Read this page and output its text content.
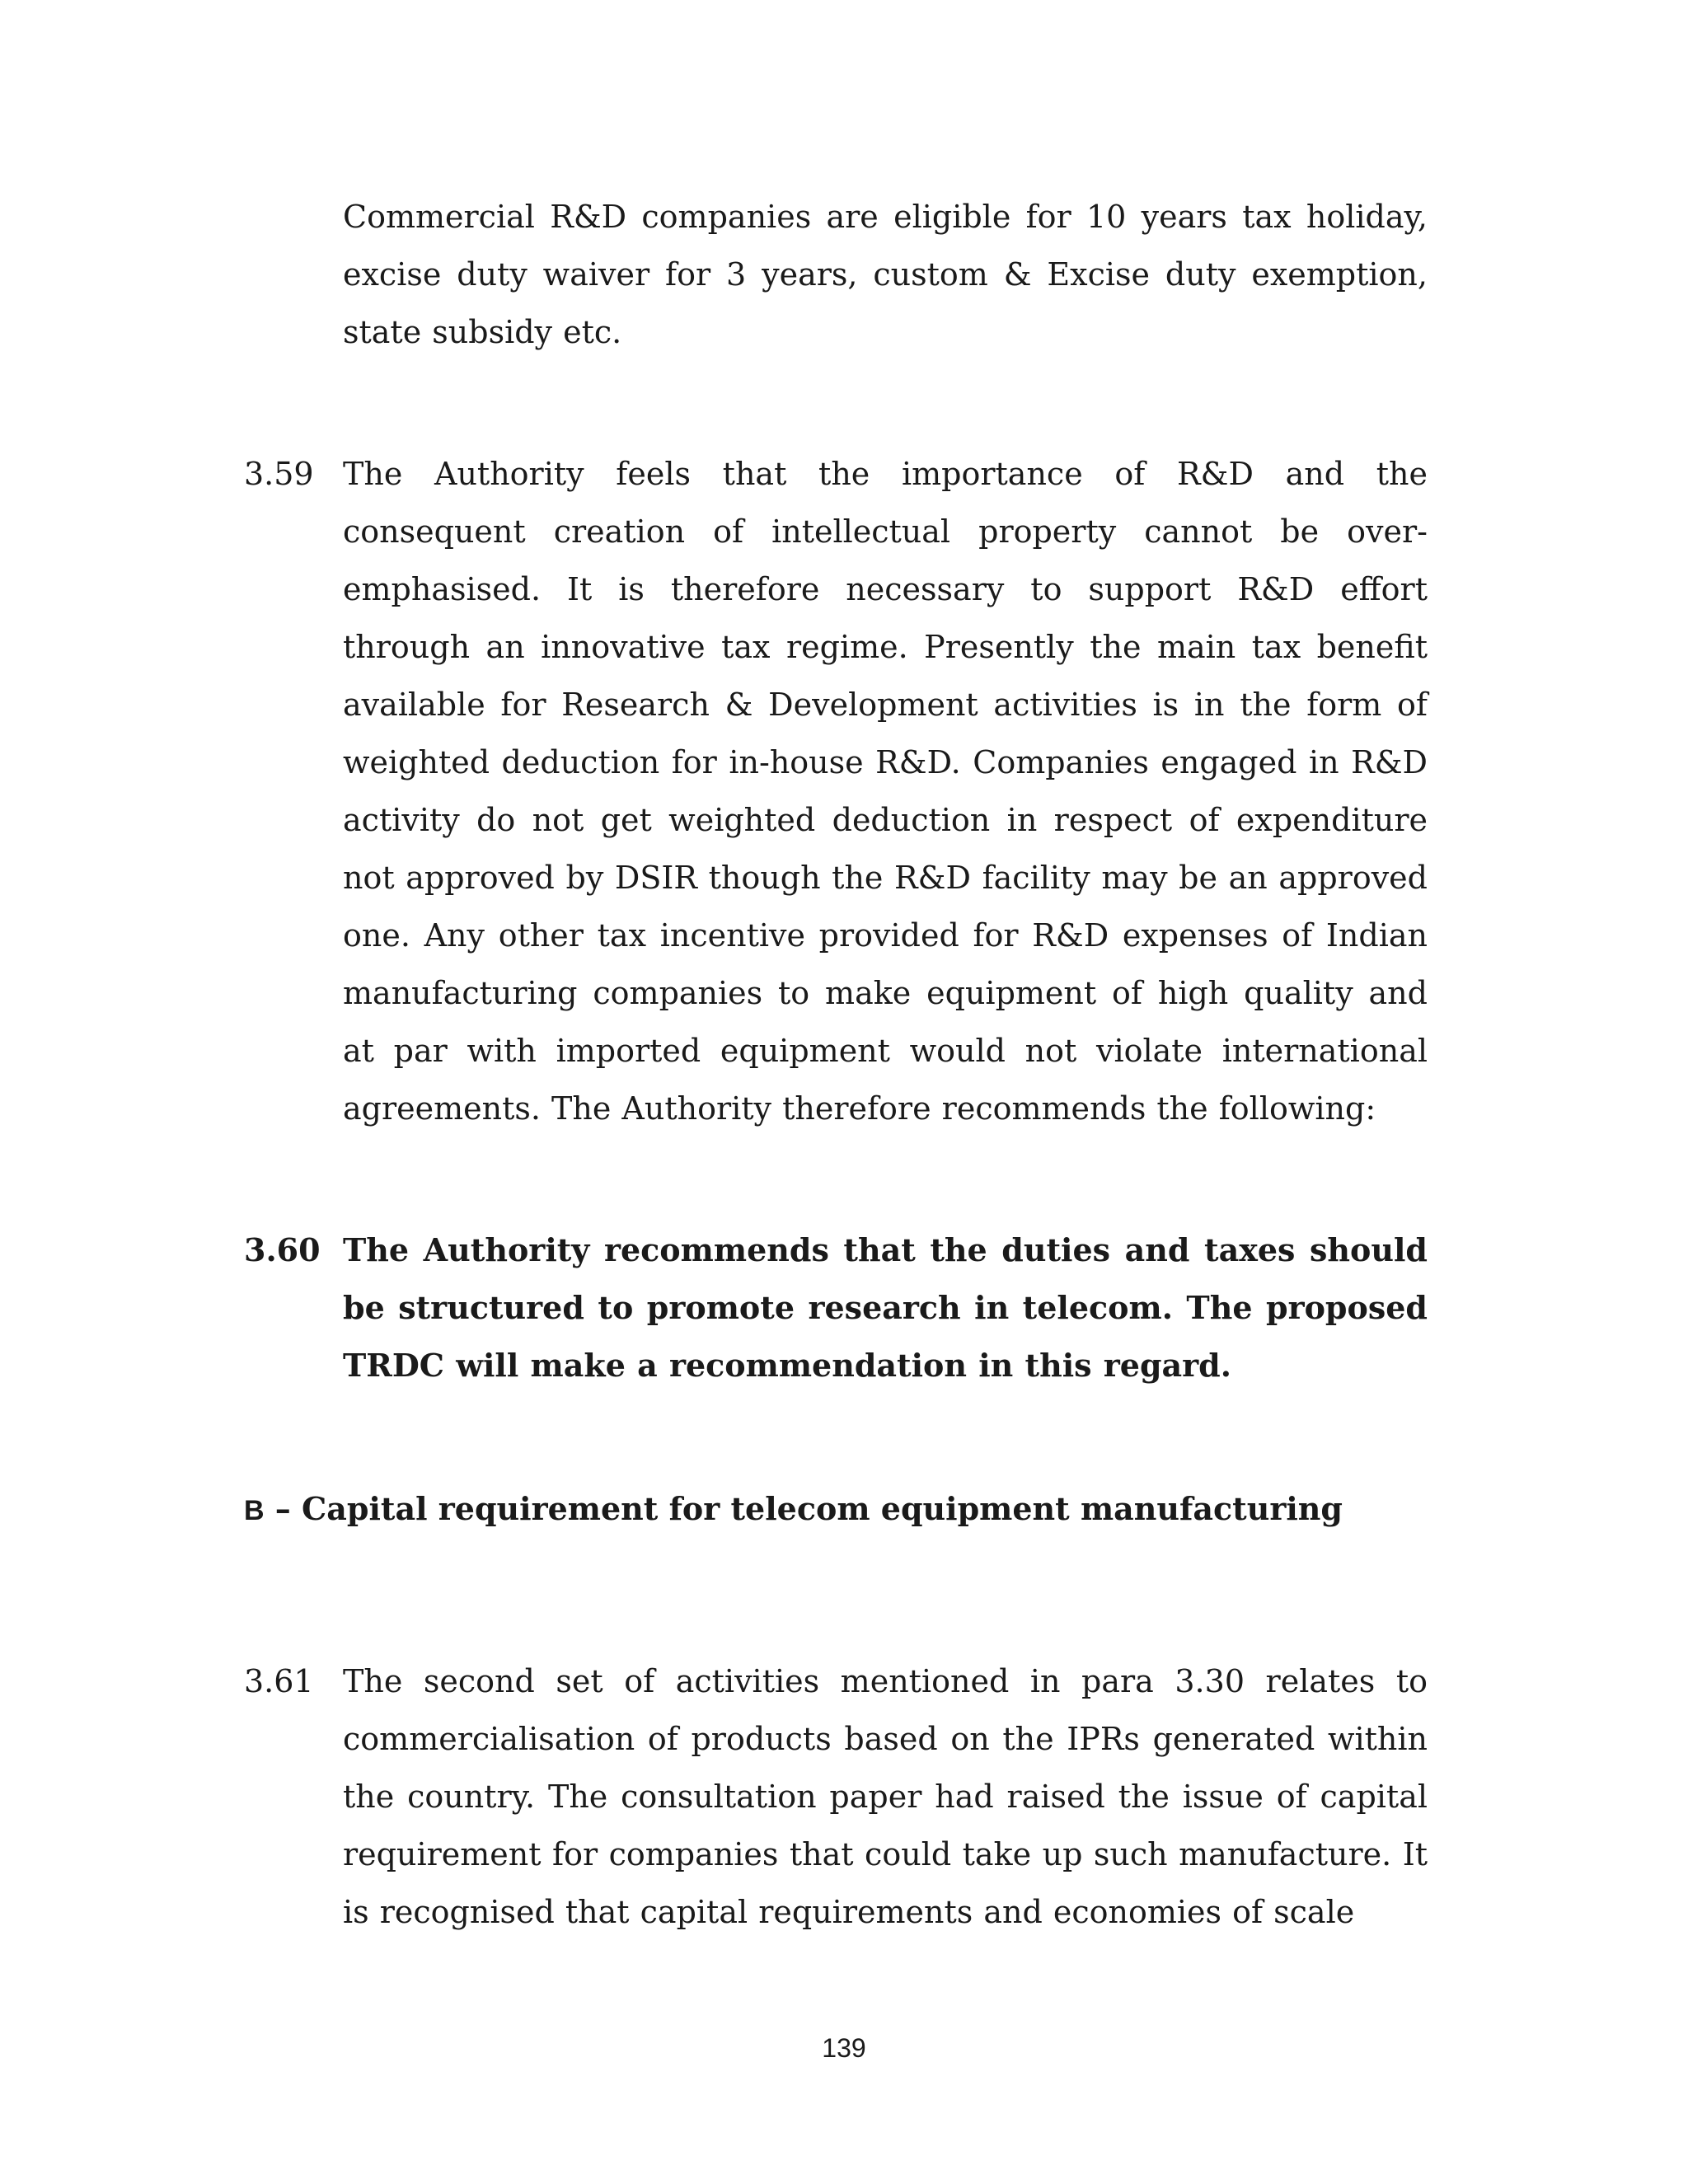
Commercial R&D companies are eligible for 10 years tax holiday, excise duty waiver for 3 years, custom & Excise duty exemption, state subsidy etc.
3.59 The Authority feels that the importance of R&D and the consequent creation of intellectual property cannot be over-emphasised. It is therefore necessary to support R&D effort through an innovative tax regime. Presently the main tax benefit available for Research & Development activities is in the form of weighted deduction for in-house R&D. Companies engaged in R&D activity do not get weighted deduction in respect of expenditure not approved by DSIR though the R&D facility may be an approved one. Any other tax incentive provided for R&D expenses of Indian manufacturing companies to make equipment of high quality and at par with imported equipment would not violate international agreements. The Authority therefore recommends the following:
3.60 The Authority recommends that the duties and taxes should be structured to promote research in telecom. The proposed TRDC will make a recommendation in this regard.
B – Capital requirement for telecom equipment manufacturing
3.61 The second set of activities mentioned in para 3.30 relates to commercialisation of products based on the IPRs generated within the country. The consultation paper had raised the issue of capital requirement for companies that could take up such manufacture. It is recognised that capital requirements and economies of scale
139
